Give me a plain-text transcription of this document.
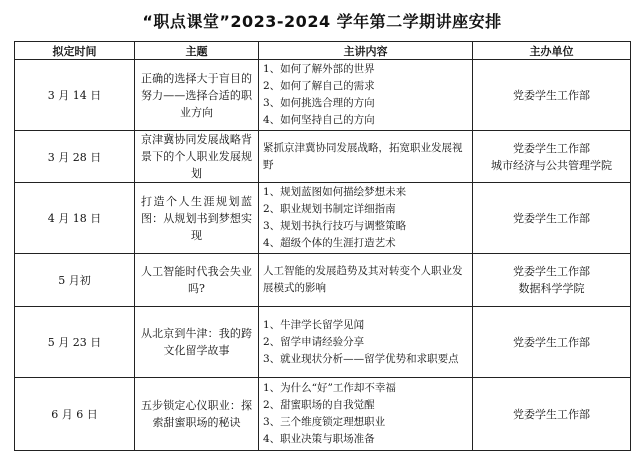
“职点课堂”2023-2024 学年第二学期讲座安排
拟定时间	主题	主讲内容	主办单位
3 月 14 日	正确的选择大于盲目的努力——选择合适的职业方向	1、如何了解外部的世界
2、如何了解自己的需求
3、如何挑选合理的方向
4、如何坚持自己的方向	党委学生工作部

3 月 28 日	京津冀协同发展战略背景下的个人职业发展规划	紧抓京津冀协同发展战略，拓宽职业发展视野	党委学生工作部
城市经济与公共管理学院

4 月 18 日	打造个人生涯规划蓝图：从规划书到梦想实现	1、规划蓝图如何描绘梦想未来
2、职业规划书制定详细指南
3、规划书执行技巧与调整策略
4、超级个体的生涯打造艺术	党委学生工作部

5 月初	人工智能时代我会失业吗?	人工智能的发展趋势及其对转变个人职业发展模式的影响	党委学生工作部
数据科学学院

5 月 23 日	从北京到牛津：我的跨文化留学故事	1、牛津学长留学见闻
2、留学申请经验分享
3、就业现状分析——留学优势和求职要点	党委学生工作部

6 月 6 日	五步锁定心仪职业：探索甜蜜职场的秘诀	1、为什么“好”工作却不幸福
2、甜蜜职场的自我觉醒
3、三个维度锁定理想职业
4、职业决策与职场准备	党委学生工作部
